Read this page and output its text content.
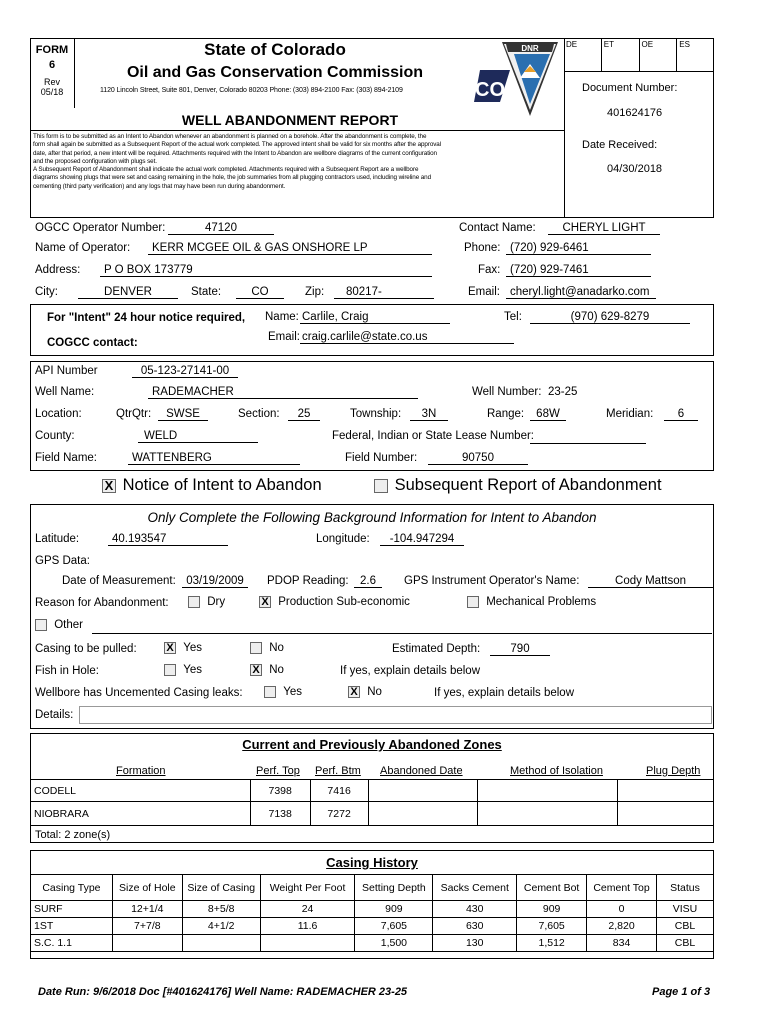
FORM
6
Rev
05/18
State of Colorado
Oil and Gas Conservation Commission
1120 Lincoln Street, Suite 801, Denver, Colorado 80203 Phone: (303) 894-2100 Fax: (303) 894-2109
DNR
CO
WELL ABANDONMENT REPORT
This form is to be submitted as an Intent to Abandon whenever an abandonment is planned on a borehole. After the abandonment is complete, the
form shall again be submitted as a Subsequent Report of the actual work completed. The approved intent shall be valid for six months after the approval
date, after that period, a new intent will be required. Attachments required with the Intent to Abandon are wellbore diagrams of the current configuration
and the proposed configuration with plugs set.
A Subsequent Report of Abandonment shall indicate the actual work completed. Attachments required with a Subsequent Report are a wellbore
diagrams showing plugs that were set and casing remaining in the hole, the job summaries from all plugging contractors used, including wireline and
cementing (third party verification) and any logs that may have been run during abandonment.
DE	ET	OE	ES
Document Number:
401624176
Date Received:
04/30/2018
OGCC Operator Number:	47120	Contact Name:	CHERYL LIGHT
Name of Operator:	KERR MCGEE OIL & GAS ONSHORE LP	Phone: (720) 929-6461
Address:	P O BOX 173779	Fax: (720) 929-7461
City:	DENVER	State:	CO	Zip:	80217-	Email: cheryl.light@anadarko.com
For "Intent" 24 hour notice required,
COGCC contact:
Name: Carlile, Craig	Tel:	(970) 629-8279
Email: craig.carlile@state.co.us
API Number	05-123-27141-00
Well Name:	RADEMACHER	Well Number: 23-25
Location:	QtrQtr:	SWSE	Section:	25	Township:	3N	Range:	68W	Meridian:	6
County:	WELD	Federal, Indian or State Lease Number:
Field Name:	WATTENBERG	Field Number:	90750
X Notice of Intent to Abandon	Subsequent Report of Abandonment
Only Complete the Following Background Information for Intent to Abandon
Latitude:	40.193547	Longitude:	-104.947294
GPS Data:
Date of Measurement: 03/19/2009	PDOP Reading: 2.6	GPS Instrument Operator's Name:	Cody Mattson
Reason for Abandonment:	Dry	X Production Sub-economic	Mechanical Problems
Other
Casing to be pulled:	X Yes	No	Estimated Depth:	790
Fish in Hole:	Yes	X No	If yes, explain details below
Wellbore has Uncemented Casing leaks:	Yes	X No	If yes, explain details below
Details:
Current and Previously Abandoned Zones
Formation	Perf. Top Perf. Btm Abandoned Date	Method of Isolation	Plug Depth
CODELL	7398	7416			
NIOBRARA	7138	7272			
Total: 2 zone(s)
Casing History
Casing Type	Size of Hole	Size of Casing	Weight Per Foot	Setting Depth	Sacks Cement	Cement Bot	Cement Top	Status
SURF	12+1/4	8+5/8	24	909	430	909	0	VISU
1ST	7+7/8	4+1/2	11.6	7,605	630	7,605	2,820	CBL
S.C. 1.1				1,500	130	1,512	834	CBL
Date Run: 9/6/2018 Doc [#401624176] Well Name: RADEMACHER 23-25	Page 1 of 3
